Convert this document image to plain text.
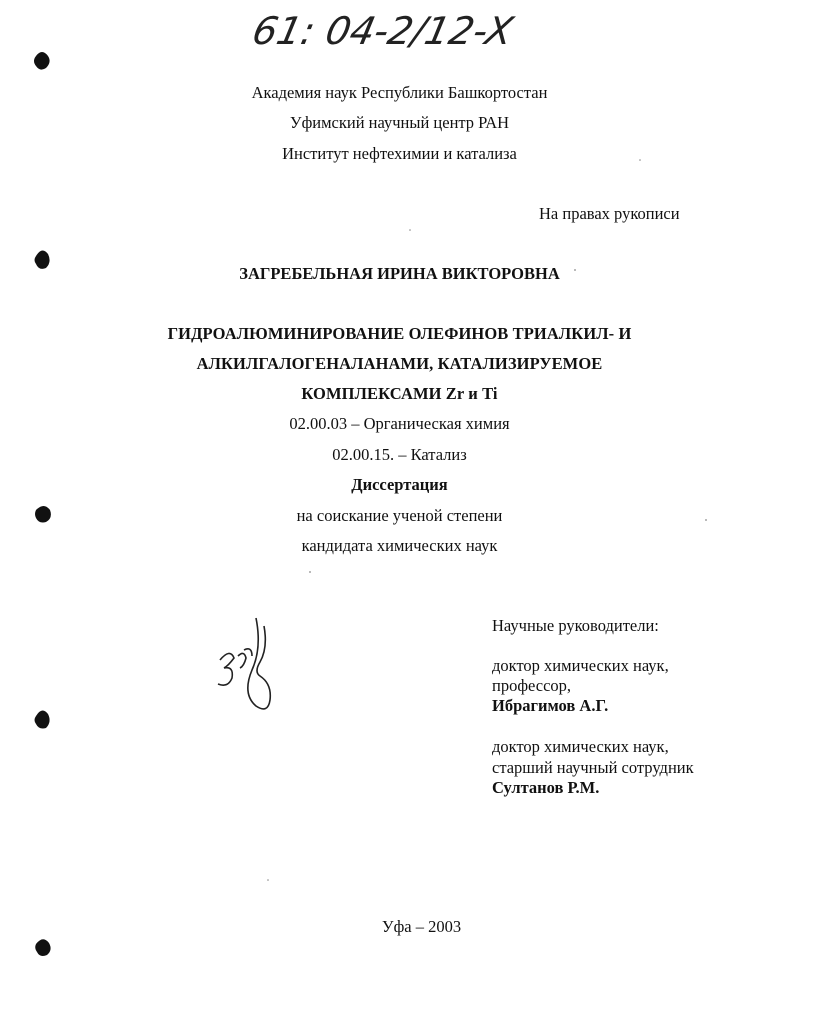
61: 04-2/12-X
Академия наук Республики Башкортостан
Уфимский научный центр РАН
Институт нефтехимии и катализа
На правах рукописи
ЗАГРЕБЕЛЬНАЯ ИРИНА ВИКТОРОВНА
ГИДРОАЛЮМИНИРОВАНИЕ ОЛЕФИНОВ ТРИАЛКИЛ- И
АЛКИЛГАЛОГЕНАЛАНАМИ, КАТАЛИЗИРУЕМОЕ
КОМПЛЕКСАМИ Zr и Ti
02.00.03 – Органическая химия
02.00.15. – Катализ
Диссертация
на соискание ученой степени
кандидата химических наук
Научные руководители:
доктор химических наук,
профессор,
Ибрагимов А.Г.
доктор химических наук,
старший научный сотрудник
Султанов Р.М.
Уфа – 2003
